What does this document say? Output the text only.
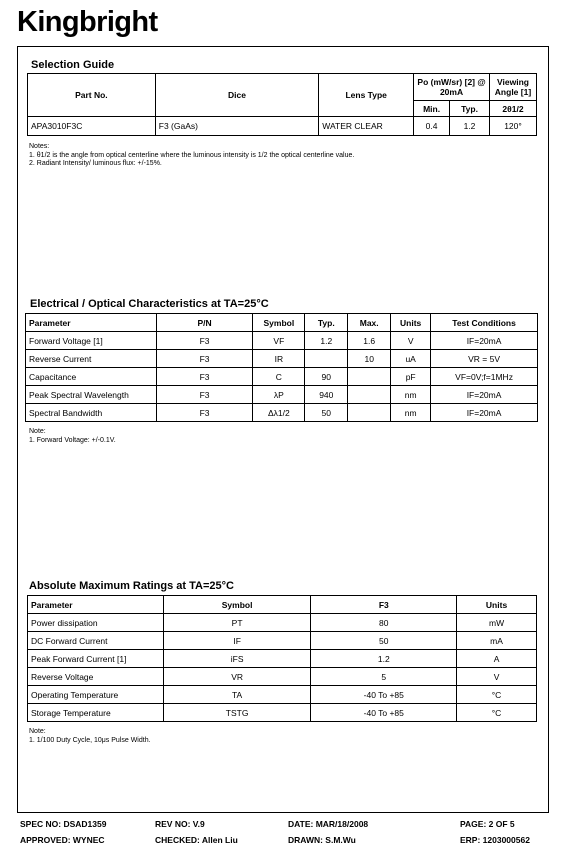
Kingbright
Selection Guide
Part No.	Dice	Lens Type	Po (mW/sr) [2] @ 20mA		Viewing Angle [1]
			Min.	Typ.	2θ1/2
APA3010F3C	F3 (GaAs)	WATER CLEAR	0.4	1.2	120°
Notes:
1. θ1/2 is the angle from optical centerline where the luminous intensity is 1/2 the optical centerline value.
2. Radiant Intensity/ luminous flux: +/-15%.
Electrical / Optical Characteristics at TA=25°C
Parameter	P/N	Symbol	Typ.	Max.	Units	Test Conditions
Forward Voltage [1]	F3	VF	1.2	1.6	V	IF=20mA
Reverse Current	F3	IR		10	uA	VR = 5V
Capacitance	F3	C	90		pF	VF=0V;f=1MHz
Peak Spectral Wavelength	F3	λP	940		nm	IF=20mA
Spectral Bandwidth	F3	Δλ1/2	50		nm	IF=20mA
Note:
1. Forward Voltage: +/-0.1V.
Absolute Maximum Ratings at TA=25°C
Parameter	Symbol	F3	Units
Power dissipation	PT	80	mW
DC Forward Current	IF	50	mA
Peak Forward Current [1]	iFS	1.2	A
Reverse Voltage	VR	5	V
Operating Temperature	TA	-40 To +85	°C
Storage Temperature	TSTG	-40 To +85	°C
Note:
1. 1/100 Duty Cycle, 10μs Pulse Width.
SPEC NO: DSAD1359	REV NO: V.9	DATE: MAR/18/2008	PAGE: 2 OF 5
APPROVED: WYNEC	CHECKED: Allen Liu	DRAWN: S.M.Wu	ERP: 1203000562
